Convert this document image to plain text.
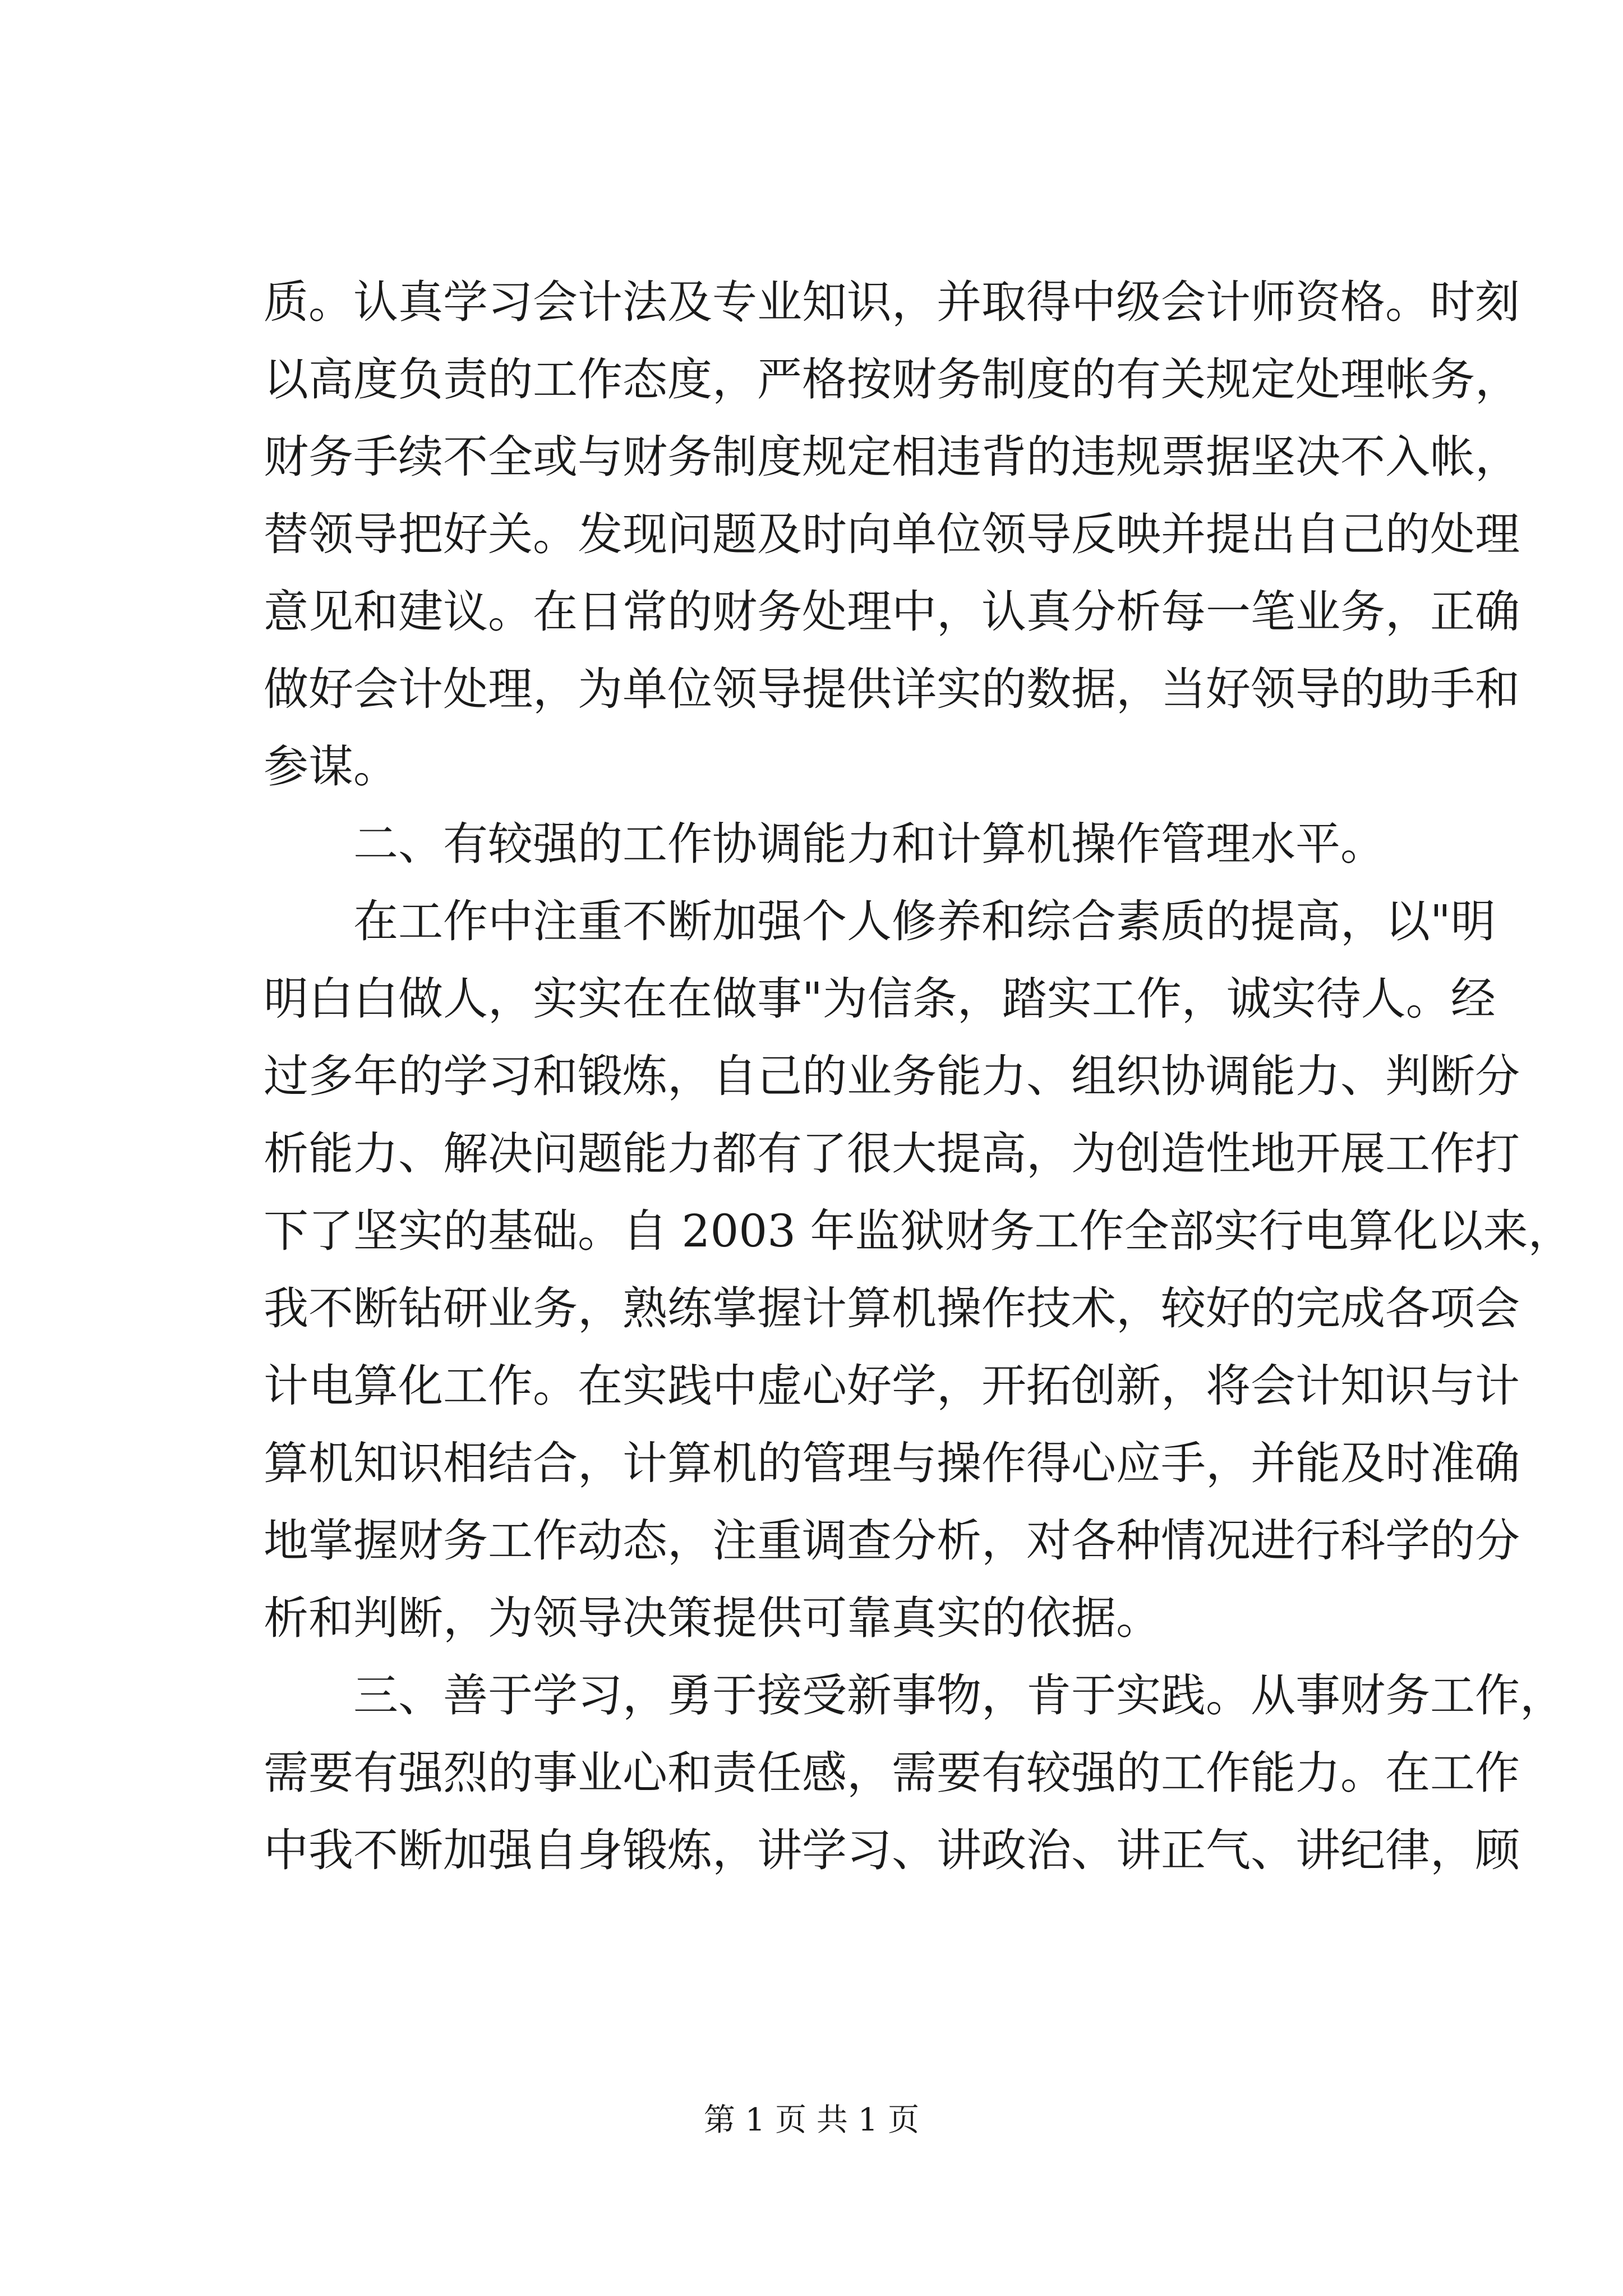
质。认真学习会计法及专业知识，并取得中级会计师资格。时刻
以高度负责的工作态度，严格按财务制度的有关规定处理帐务，
财务手续不全或与财务制度规定相违背的违规票据坚决不入帐，
替领导把好关。发现问题及时向单位领导反映并提出自己的处理
意见和建议。在日常的财务处理中，认真分析每一笔业务，正确
做好会计处理，为单位领导提供详实的数据，当好领导的助手和
参谋。
　　二、有较强的工作协调能力和计算机操作管理水平。
　　在工作中注重不断加强个人修养和综合素质的提高，以"明
明白白做人，实实在在做事"为信条，踏实工作，诚实待人。经
过多年的学习和锻炼，自己的业务能力、组织协调能力、判断分
析能力、解决问题能力都有了很大提高，为创造性地开展工作打
下了坚实的基础。自 2003 年监狱财务工作全部实行电算化以来，
我不断钻研业务，熟练掌握计算机操作技术，较好的完成各项会
计电算化工作。在实践中虚心好学，开拓创新，将会计知识与计
算机知识相结合，计算机的管理与操作得心应手，并能及时准确
地掌握财务工作动态，注重调查分析，对各种情况进行科学的分
析和判断，为领导决策提供可靠真实的依据。
　　三、善于学习，勇于接受新事物，肯于实践。从事财务工作，
需要有强烈的事业心和责任感，需要有较强的工作能力。在工作
中我不断加强自身锻炼，讲学习、讲政治、讲正气、讲纪律，顾
第 1 页 共 1 页
